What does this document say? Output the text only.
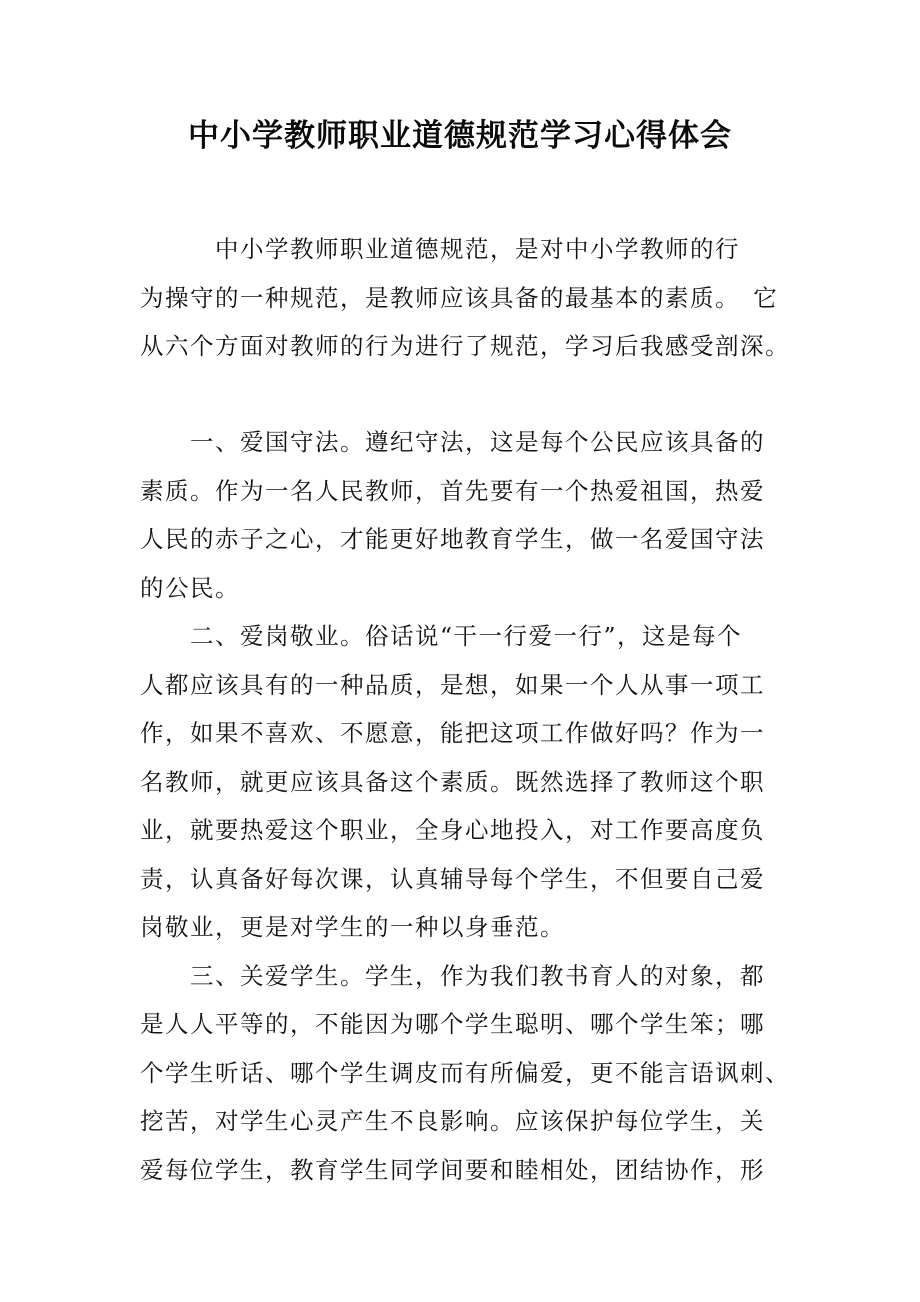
中小学教师职业道德规范学习心得体会
　　　中小学教师职业道德规范，是对中小学教师的行
为操守的一种规范，是教师应该具备的最基本的素质。　它
从六个方面对教师的行为进行了规范，学习后我感受剖深。
　　一、爱国守法。遵纪守法，这是每个公民应该具备的
素质。作为一名人民教师，首先要有一个热爱祖国，热爱
人民的赤子之心，才能更好地教育学生，做一名爱国守法
的公民。
　　二、爱岗敬业。俗话说“干一行爱一行”，这是每个
人都应该具有的一种品质，是想，如果一个人从事一项工
作，如果不喜欢、不愿意，能把这项工作做好吗？作为一
名教师，就更应该具备这个素质。既然选择了教师这个职
业，就要热爱这个职业，全身心地投入，对工作要高度负
责，认真备好每次课，认真辅导每个学生，不但要自己爱
岗敬业，更是对学生的一种以身垂范。
　　三、关爱学生。学生，作为我们教书育人的对象，都
是人人平等的，不能因为哪个学生聪明、哪个学生笨；哪
个学生听话、哪个学生调皮而有所偏爱，更不能言语讽刺、
挖苦，对学生心灵产生不良影响。应该保护每位学生，关
爱每位学生，教育学生同学间要和睦相处，团结协作，形
